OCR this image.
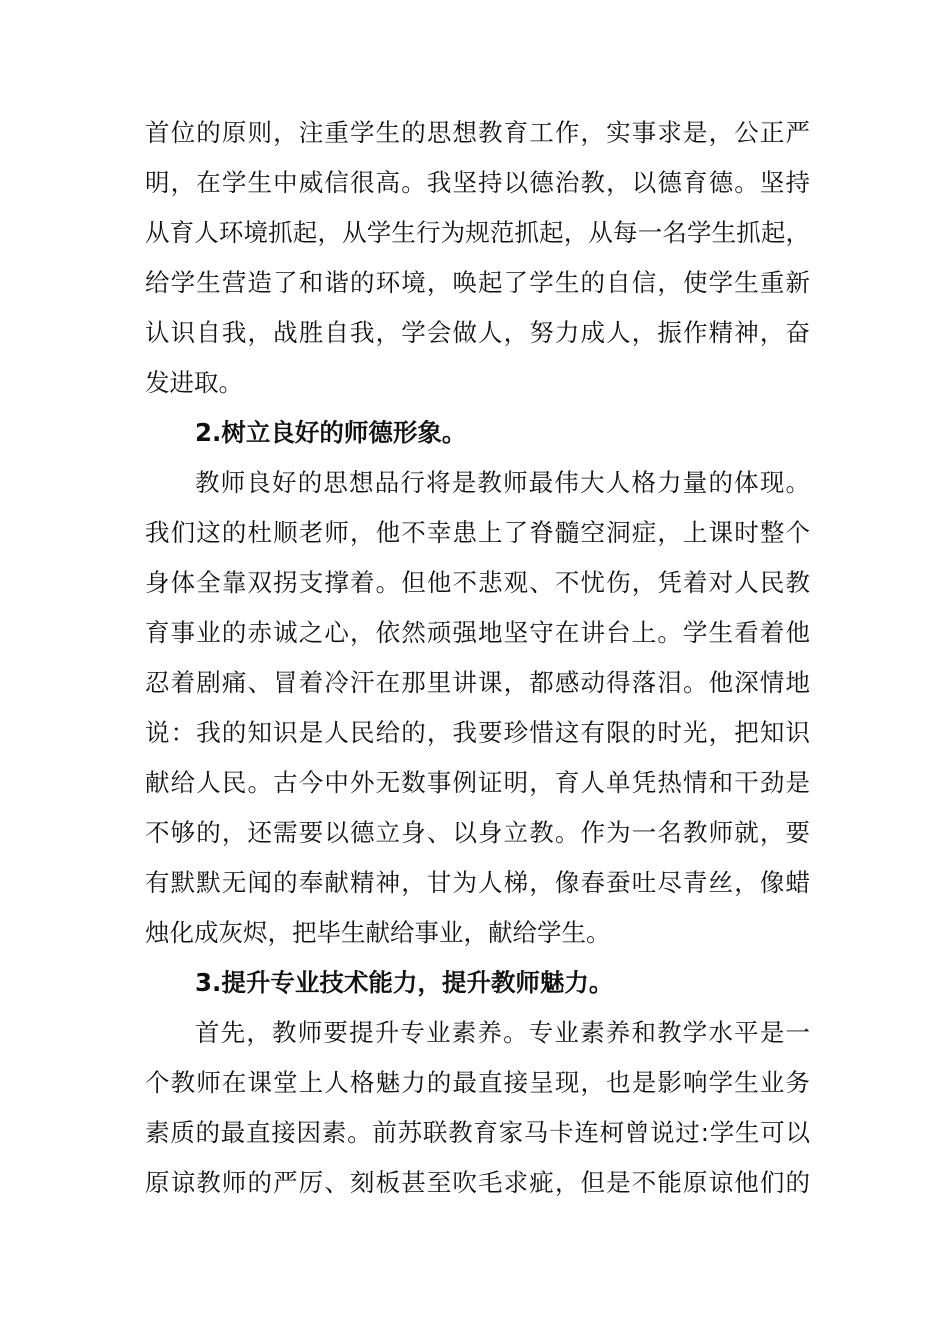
首位的原则，注重学生的思想教育工作，实事求是，公正严
明，在学生中威信很高。我坚持以德治教，以德育德。坚持
从育人环境抓起，从学生行为规范抓起，从每一名学生抓起，
给学生营造了和谐的环境，唤起了学生的自信，使学生重新
认识自我，战胜自我，学会做人，努力成人，振作精神，奋
发进取。
2.树立良好的师德形象。
教师良好的思想品行将是教师最伟大人格力量的体现。
我们这的杜顺老师，他不幸患上了脊髓空洞症，上课时整个
身体全靠双拐支撑着。但他不悲观、不忧伤，凭着对人民教
育事业的赤诚之心，依然顽强地坚守在讲台上。学生看着他
忍着剧痛、冒着冷汗在那里讲课，都感动得落泪。他深情地
说：我的知识是人民给的，我要珍惜这有限的时光，把知识
献给人民。古今中外无数事例证明，育人单凭热情和干劲是
不够的，还需要以德立身、以身立教。作为一名教师就，要
有默默无闻的奉献精神，甘为人梯，像春蚕吐尽青丝，像蜡
烛化成灰烬，把毕生献给事业，献给学生。
3.提升专业技术能力，提升教师魅力。
首先，教师要提升专业素养。专业素养和教学水平是一
个教师在课堂上人格魅力的最直接呈现，也是影响学生业务
素质的最直接因素。前苏联教育家马卡连柯曾说过:学生可以
原谅教师的严厉、刻板甚至吹毛求疵，但是不能原谅他们的
